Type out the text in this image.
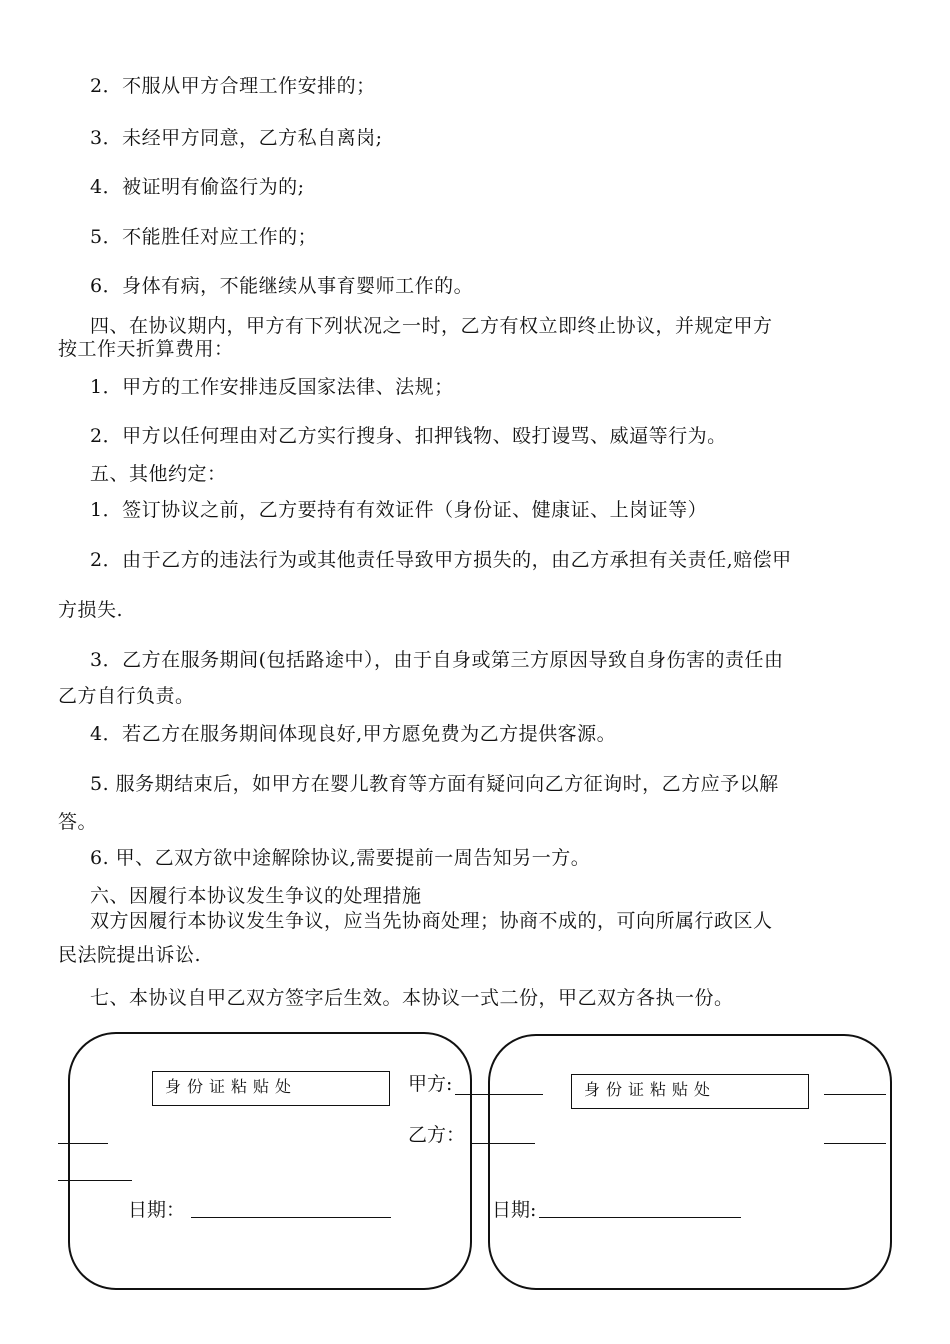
2．不服从甲方合理工作安排的；
3．未经甲方同意，乙方私自离岗;
4．被证明有偷盗行为的;
5．不能胜任对应工作的；
6．身体有病，不能继续从事育婴师工作的。
四、在协议期内，甲方有下列状况之一时，乙方有权立即终止协议，并规定甲方
按工作天折算费用：
1．甲方的工作安排违反国家法律、法规；
2．甲方以任何理由对乙方实行搜身、扣押钱物、殴打谩骂、威逼等行为。
五、其他约定：
1．签订协议之前，乙方要持有有效证件（身份证、健康证、上岗证等）
2．由于乙方的违法行为或其他责任导致甲方损失的，由乙方承担有关责任,赔偿甲
方损失.
3．乙方在服务期间(包括路途中），由于自身或第三方原因导致自身伤害的责任由
乙方自行负责。
4．若乙方在服务期间体现良好,甲方愿免费为乙方提供客源。
5. 服务期结束后，如甲方在婴儿教育等方面有疑问向乙方征询时，乙方应予以解
答。
6. 甲、乙双方欲中途解除协议,需要提前一周告知另一方。
六、因履行本协议发生争议的处理措施
双方因履行本协议发生争议，应当先协商处理；协商不成的，可向所属行政区人
民法院提出诉讼.
七、本协议自甲乙双方签字后生效。本协议一式二份，甲乙双方各执一份。
身份证粘贴处	身份证粘贴处
甲方:
乙方：
日期：	日期:
